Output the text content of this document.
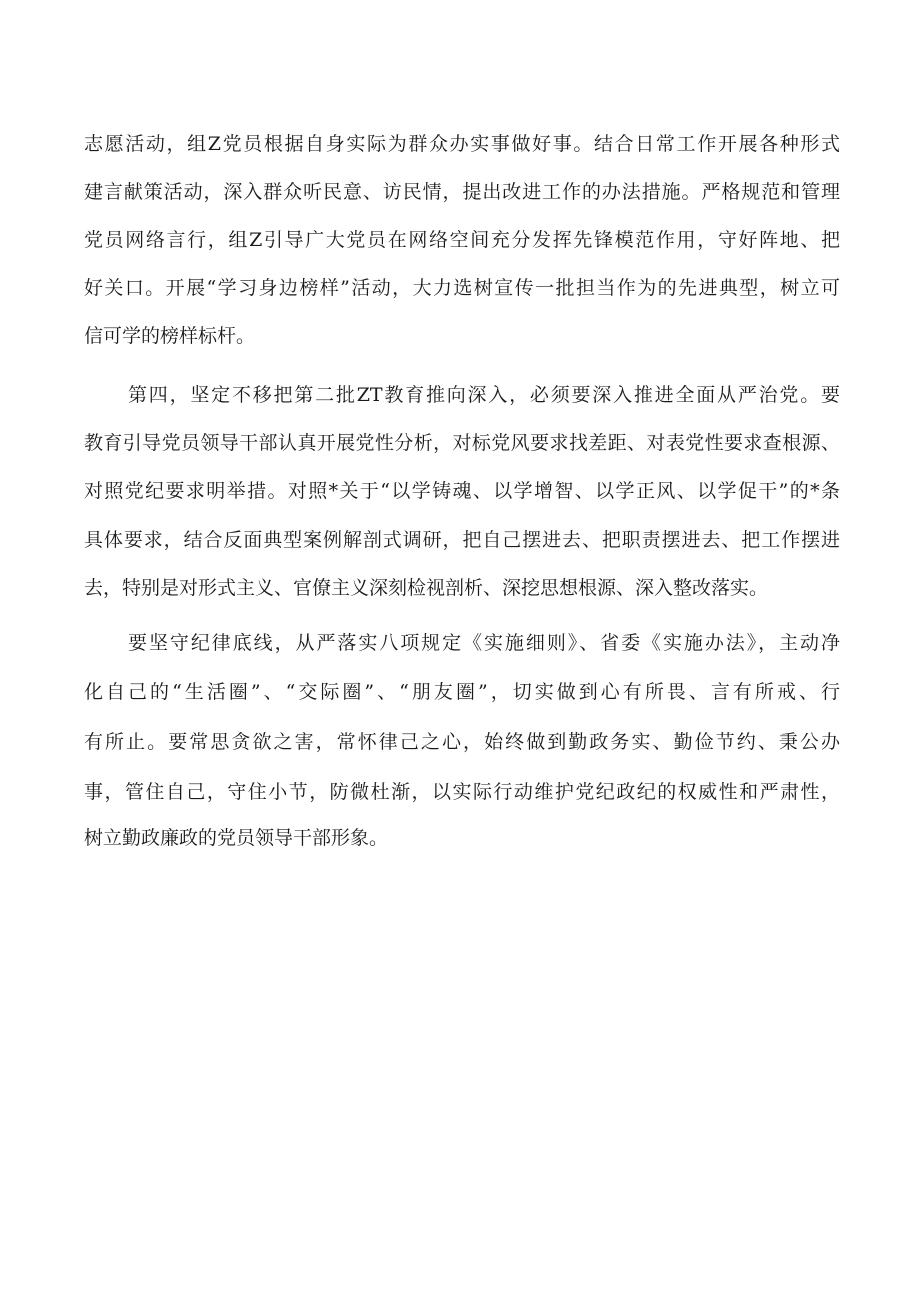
志愿活动，组Z党员根据自身实际为群众办实事做好事。结合日常工作开展各种形式
建言献策活动，深入群众听民意、访民情，提出改进工作的办法措施。严格规范和管理
党员网络言行，组Z引导广大党员在网络空间充分发挥先锋模范作用，守好阵地、把
好关口。开展“学习身边榜样”活动，大力选树宣传一批担当作为的先进典型，树立可
信可学的榜样标杆。
第四，坚定不移把第二批ZT教育推向深入，必须要深入推进全面从严治党。要
教育引导党员领导干部认真开展党性分析，对标党风要求找差距、对表党性要求查根源、
对照党纪要求明举措。对照*关于“以学铸魂、以学增智、以学正风、以学促干”的*条
具体要求，结合反面典型案例解剖式调研，把自己摆进去、把职责摆进去、把工作摆进
去，特别是对形式主义、官僚主义深刻检视剖析、深挖思想根源、深入整改落实。
要坚守纪律底线，从严落实八项规定《实施细则》、省委《实施办法》，主动净
化自己的“生活圈”、“交际圈”、“朋友圈”，切实做到心有所畏、言有所戒、行
有所止。要常思贪欲之害，常怀律己之心，始终做到勤政务实、勤俭节约、秉公办
事，管住自己，守住小节，防微杜渐，以实际行动维护党纪政纪的权威性和严肃性，
树立勤政廉政的党员领导干部形象。
